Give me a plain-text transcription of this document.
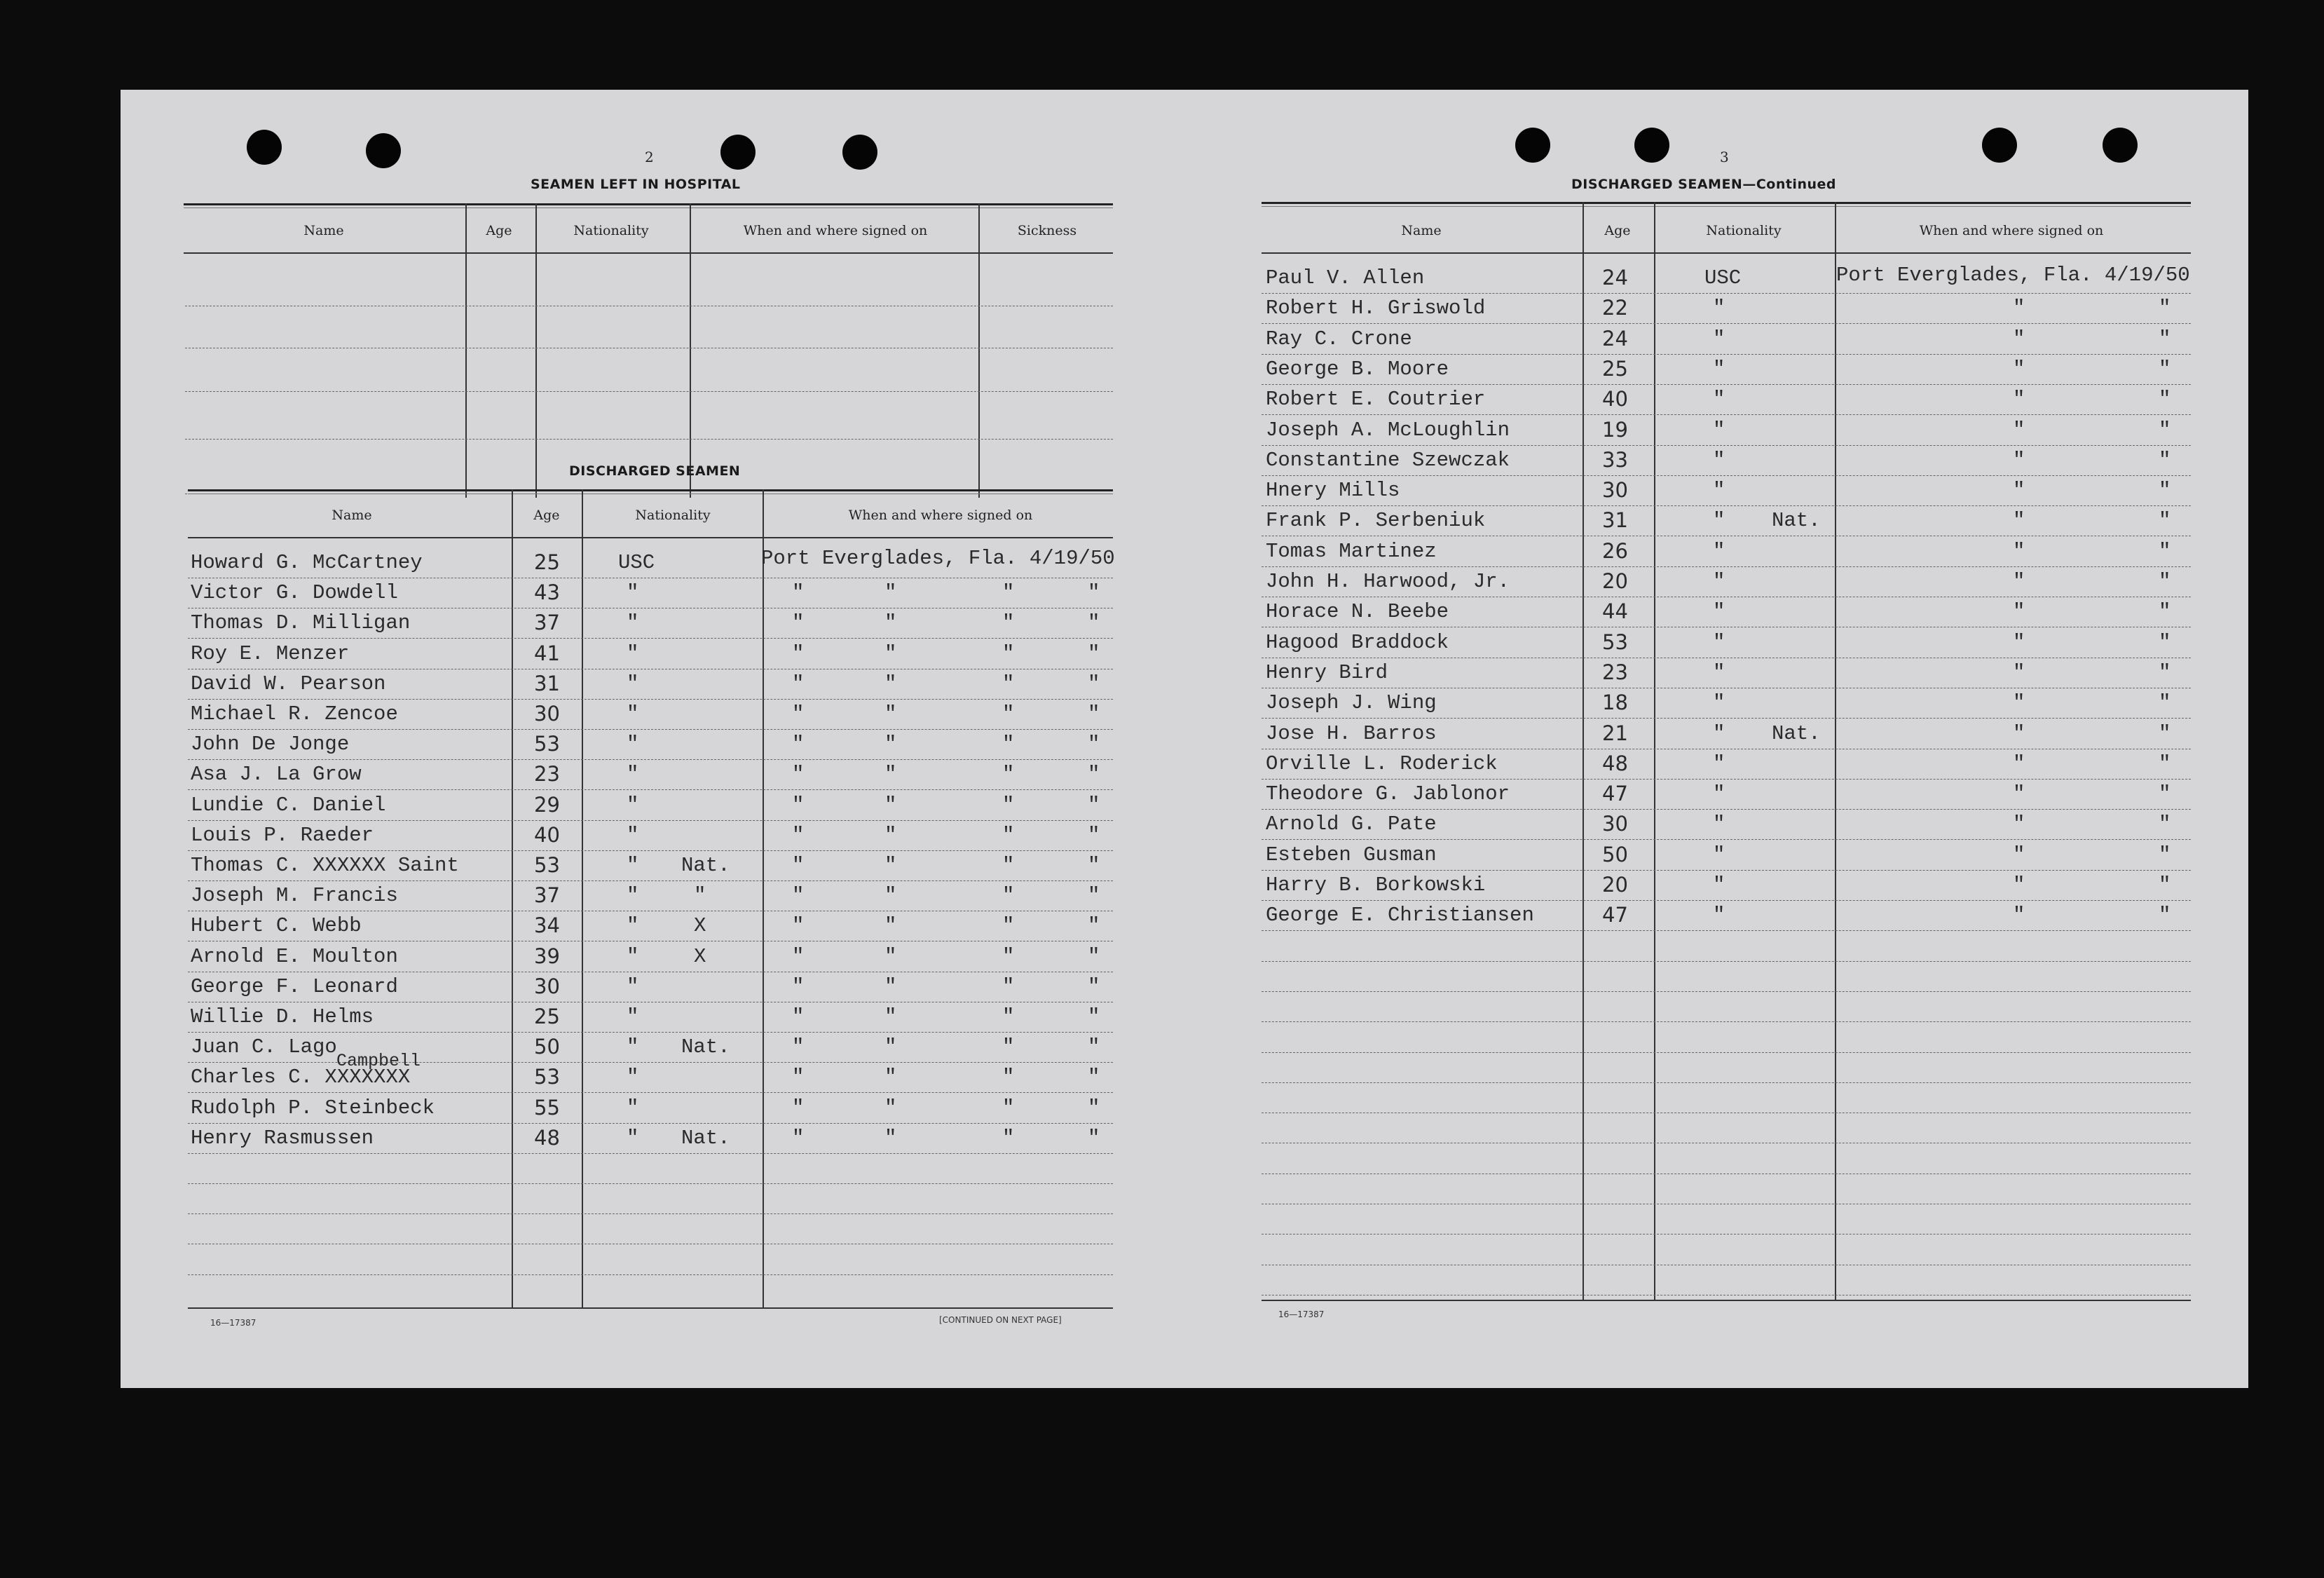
2
SEAMEN LEFT IN HOSPITAL
Name	Age	Nationality	When and where signed on	Sickness
DISCHARGED SEAMEN
Name	Age	Nationality	When and where signed on
Howard G. McCartney	25	USC	Port Everglades, Fla. 4/19/50
Victor G. Dowdell	43	"	"	"	"	"
Thomas D. Milligan	37	"	"	"	"	"
Roy E. Menzer	41	"	"	"	"	"
David W. Pearson	31	"	"	"	"	"
Michael R. Zencoe	30	"	"	"	"	"
John De Jonge	53	"	"	"	"	"
Asa J. La Grow	23	"	"	"	"	"
Lundie C. Daniel	29	"	"	"	"	"
Louis P. Raeder	40	"	"	"	"	"
Thomas C. XXXXXX Saint	53	" Nat.	"	"	"	"
Joseph M. Francis	37	"	"	"	"	"	"
Hubert C. Webb	34	"	X	"	"	"	"
Arnold E. Moulton	39	"	X	"	"	"	"
George F. Leonard	30	"	"	"	"	"
Willie D. Helms	25	"	"	"	"	"
Juan C. Lago	50	" Nat.	"	"	"	"
Charles C. XXXXXXX	53	"	"	"	"	"
Rudolph P. Steinbeck	55	"	"	"	"	"
Henry Rasmussen	48	" Nat.	"	"	"	"
Campbell
16—17387	[CONTINUED ON NEXT PAGE]
3
DISCHARGED SEAMEN—Continued
Name	Age	Nationality	When and where signed on
Paul V. Allen	24	USC	Port Everglades, Fla. 4/19/50
Robert H. Griswold	22	"	"	"
Ray C. Crone	24	"	"	"
George B. Moore	25	"	"	"
Robert E. Coutrier	40	"	"	"
Joseph A. McLoughlin	19	"	"	"
Constantine Szewczak	33	"	"	"
Hnery Mills	30	"	"	"
Frank P. Serbeniuk	31	" Nat.	"	"
Tomas Martinez	26	"	"	"
John H. Harwood, Jr.	20	"	"	"
Horace N. Beebe	44	"	"	"
Hagood Braddock	53	"	"	"
Henry Bird	23	"	"	"
Joseph J. Wing	18	"	"	"
Jose H. Barros	21	" Nat.	"	"
Orville L. Roderick	48	"	"	"
Theodore G. Jablonor	47	"	"	"
Arnold G. Pate	30	"	"	"
Esteben Gusman	50	"	"	"
Harry B. Borkowski	20	"	"	"
George E. Christiansen	47	"	"	"
16—17387
